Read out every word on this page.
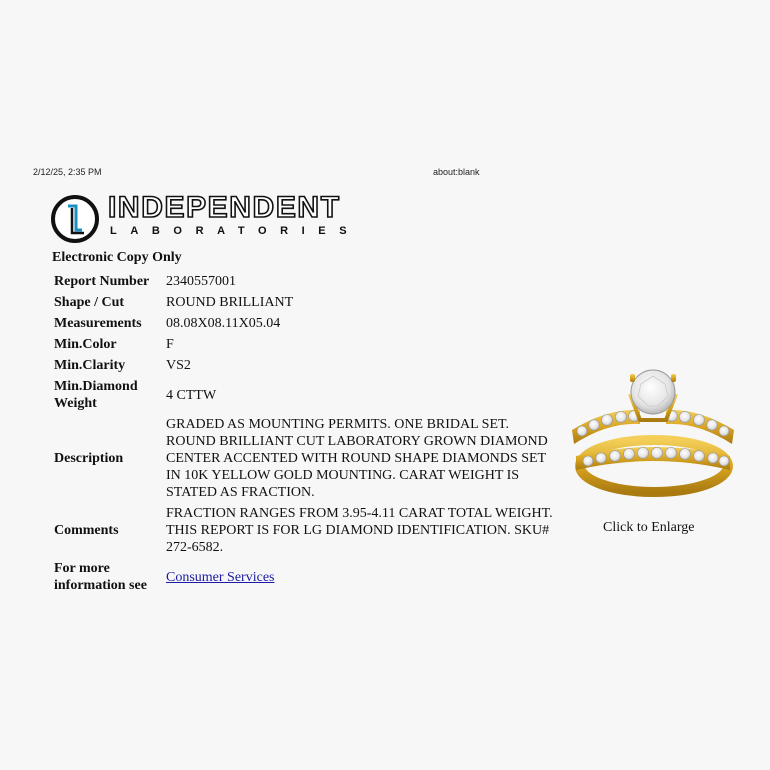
2/12/25, 2:35 PM	about:blank
INDEPENDENT
LABORATORIES
Electronic Copy Only
Report Number	2340557001
Shape / Cut	ROUND BRILLIANT
Measurements	08.08X08.11X05.04
Min.Color	F
Min.Clarity	VS2
Min.Diamond Weight	4 CTTW
Description	GRADED AS MOUNTING PERMITS. ONE BRIDAL SET. ROUND BRILLIANT CUT LABORATORY GROWN DIAMOND CENTER ACCENTED WITH ROUND SHAPE DIAMONDS SET IN 10K YELLOW GOLD MOUNTING. CARAT WEIGHT IS STATED AS FRACTION.
Comments	FRACTION RANGES FROM 3.95-4.11 CARAT TOTAL WEIGHT. THIS REPORT IS FOR LG DIAMOND IDENTIFICATION. SKU# 272-6582.
For more information see	Consumer Services
Click to Enlarge
